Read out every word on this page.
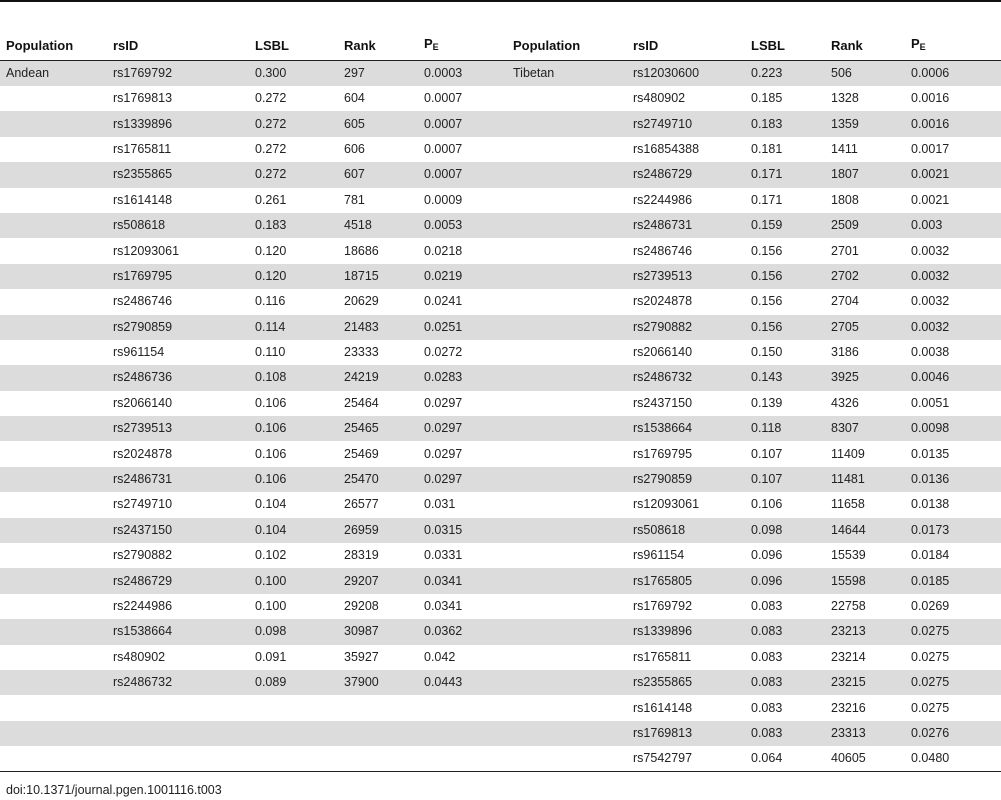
Population	rsID	LSBL	Rank	$P_E$	Population	rsID	LSBL	Rank	$P_E$
Andean	rs1769792	0.300	297	0.0003	Tibetan	rs12030600	0.223	506	0.0006
	rs1769813	0.272	604	0.0007		rs480902	0.185	1328	0.0016
	rs1339896	0.272	605	0.0007		rs2749710	0.183	1359	0.0016
	rs1765811	0.272	606	0.0007		rs16854388	0.181	1411	0.0017
	rs2355865	0.272	607	0.0007		rs2486729	0.171	1807	0.0021
	rs1614148	0.261	781	0.0009		rs2244986	0.171	1808	0.0021
	rs508618	0.183	4518	0.0053		rs2486731	0.159	2509	0.003
	rs12093061	0.120	18686	0.0218		rs2486746	0.156	2701	0.0032
	rs1769795	0.120	18715	0.0219		rs2739513	0.156	2702	0.0032
	rs2486746	0.116	20629	0.0241		rs2024878	0.156	2704	0.0032
	rs2790859	0.114	21483	0.0251		rs2790882	0.156	2705	0.0032
	rs961154	0.110	23333	0.0272		rs2066140	0.150	3186	0.0038
	rs2486736	0.108	24219	0.0283		rs2486732	0.143	3925	0.0046
	rs2066140	0.106	25464	0.0297		rs2437150	0.139	4326	0.0051
	rs2739513	0.106	25465	0.0297		rs1538664	0.118	8307	0.0098
	rs2024878	0.106	25469	0.0297		rs1769795	0.107	11409	0.0135
	rs2486731	0.106	25470	0.0297		rs2790859	0.107	11481	0.0136
	rs2749710	0.104	26577	0.031		rs12093061	0.106	11658	0.0138
	rs2437150	0.104	26959	0.0315		rs508618	0.098	14644	0.0173
	rs2790882	0.102	28319	0.0331		rs961154	0.096	15539	0.0184
	rs2486729	0.100	29207	0.0341		rs1765805	0.096	15598	0.0185
	rs2244986	0.100	29208	0.0341		rs1769792	0.083	22758	0.0269
	rs1538664	0.098	30987	0.0362		rs1339896	0.083	23213	0.0275
	rs480902	0.091	35927	0.042		rs1765811	0.083	23214	0.0275
	rs2486732	0.089	37900	0.0443		rs2355865	0.083	23215	0.0275
						rs1614148	0.083	23216	0.0275
						rs1769813	0.083	23313	0.0276
						rs7542797	0.064	40605	0.0480
doi:10.1371/journal.pgen.1001116.t003
